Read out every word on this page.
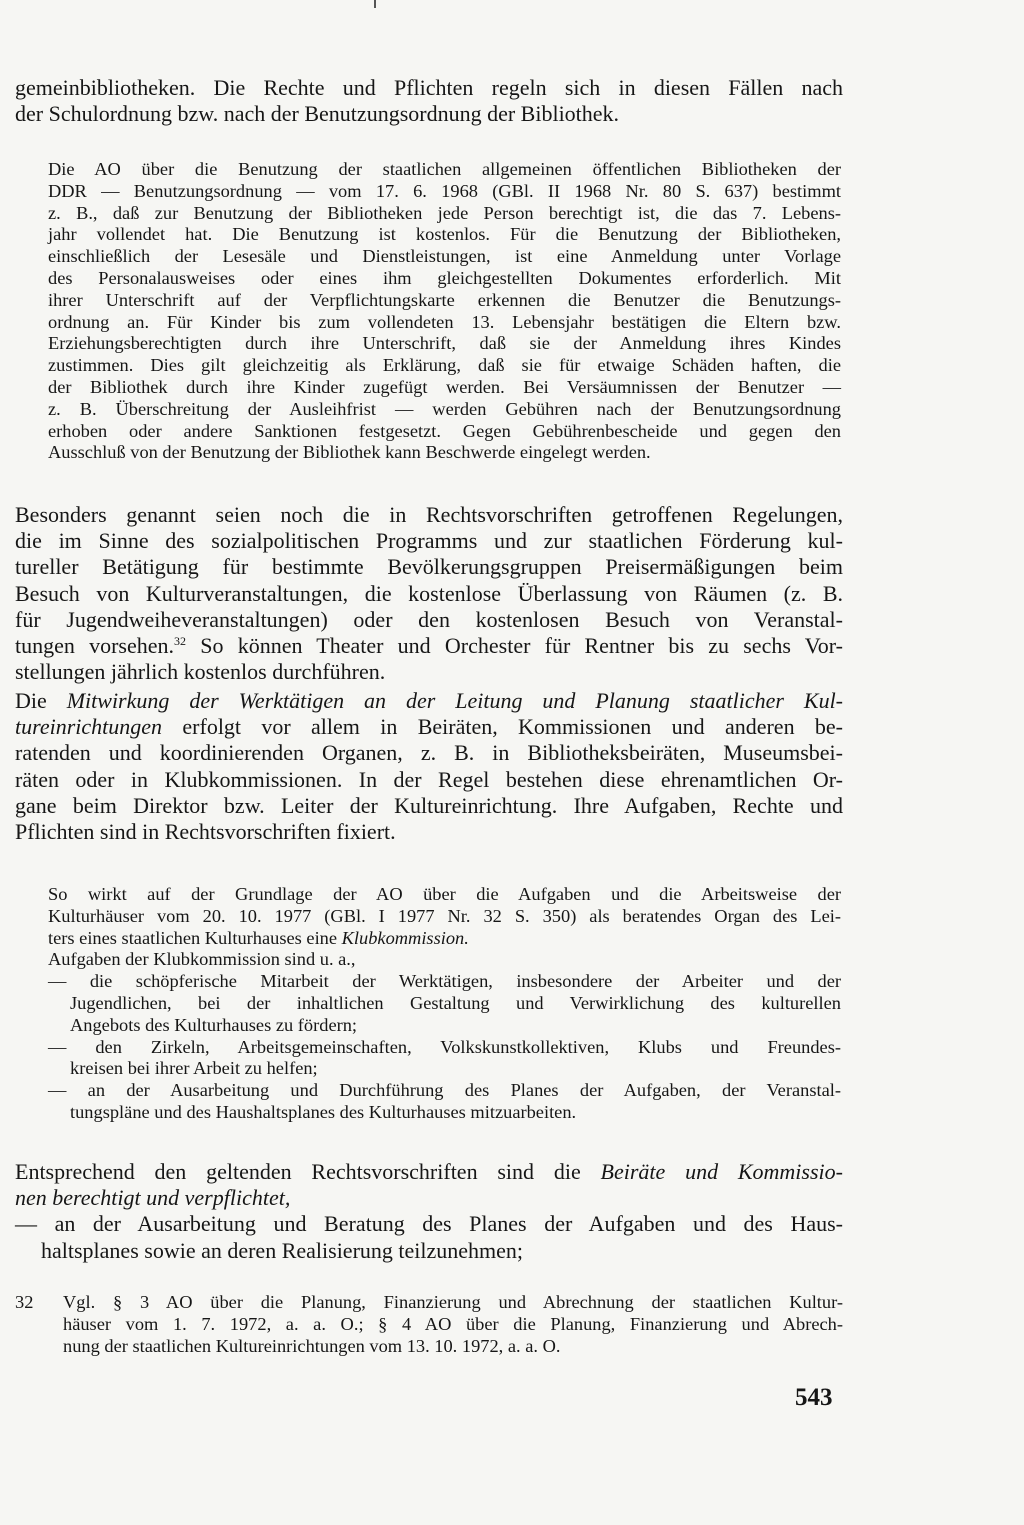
gemeinbibliotheken. Die Rechte und Pflichten regeln sich in diesen Fällen nach
der Schulordnung bzw. nach der Benutzungsordnung der Bibliothek.
Die AO über die Benutzung der staatlichen allgemeinen öffentlichen Bibliotheken der
DDR — Benutzungsordnung — vom 17. 6. 1968 (GBl. II 1968 Nr. 80 S. 637) bestimmt
z. B., daß zur Benutzung der Bibliotheken jede Person berechtigt ist, die das 7. Lebens-
jahr vollendet hat. Die Benutzung ist kostenlos. Für die Benutzung der Bibliotheken,
einschließlich der Lesesäle und Dienstleistungen, ist eine Anmeldung unter Vorlage
des Personalausweises oder eines ihm gleichgestellten Dokumentes erforderlich. Mit
ihrer Unterschrift auf der Verpflichtungskarte erkennen die Benutzer die Benutzungs-
ordnung an. Für Kinder bis zum vollendeten 13. Lebensjahr bestätigen die Eltern bzw.
Erziehungsberechtigten durch ihre Unterschrift, daß sie der Anmeldung ihres Kindes
zustimmen. Dies gilt gleichzeitig als Erklärung, daß sie für etwaige Schäden haften, die
der Bibliothek durch ihre Kinder zugefügt werden. Bei Versäumnissen der Benutzer —
z. B. Überschreitung der Ausleihfrist — werden Gebühren nach der Benutzungsordnung
erhoben oder andere Sanktionen festgesetzt. Gegen Gebührenbescheide und gegen den
Ausschluß von der Benutzung der Bibliothek kann Beschwerde eingelegt werden.
Besonders genannt seien noch die in Rechtsvorschriften getroffenen Regelungen,
die im Sinne des sozialpolitischen Programms und zur staatlichen Förderung kul-
tureller Betätigung für bestimmte Bevölkerungsgruppen Preisermäßigungen beim
Besuch von Kulturveranstaltungen, die kostenlose Überlassung von Räumen (z. B.
für Jugendweiheveranstaltungen) oder den kostenlosen Besuch von Veranstal-
tungen vorsehen.$^{32}$ So können Theater und Orchester für Rentner bis zu sechs Vor-
stellungen jährlich kostenlos durchführen.
Die Mitwirkung der Werktätigen an der Leitung und Planung staatlicher Kul-
tureinrichtungen erfolgt vor allem in Beiräten, Kommissionen und anderen be-
ratenden und koordinierenden Organen, z. B. in Bibliotheksbeiräten, Museumsbei-
räten oder in Klubkommissionen. In der Regel bestehen diese ehrenamtlichen Or-
gane beim Direktor bzw. Leiter der Kultureinrichtung. Ihre Aufgaben, Rechte und
Pflichten sind in Rechtsvorschriften fixiert.
So wirkt auf der Grundlage der AO über die Aufgaben und die Arbeitsweise der
Kulturhäuser vom 20. 10. 1977 (GBl. I 1977 Nr. 32 S. 350) als beratendes Organ des Lei-
ters eines staatlichen Kulturhauses eine Klubkommission.
Aufgaben der Klubkommission sind u. a.,
— die schöpferische Mitarbeit der Werktätigen, insbesondere der Arbeiter und der
Jugendlichen, bei der inhaltlichen Gestaltung und Verwirklichung des kulturellen
Angebots des Kulturhauses zu fördern;
— den Zirkeln, Arbeitsgemeinschaften, Volkskunstkollektiven, Klubs und Freundes-
kreisen bei ihrer Arbeit zu helfen;
— an der Ausarbeitung und Durchführung des Planes der Aufgaben, der Veranstal-
tungspläne und des Haushaltsplanes des Kulturhauses mitzuarbeiten.
Entsprechend den geltenden Rechtsvorschriften sind die Beiräte und Kommissio-
nen berechtigt und verpflichtet,
— an der Ausarbeitung und Beratung des Planes der Aufgaben und des Haus-
haltsplanes sowie an deren Realisierung teilzunehmen;
32 Vgl. § 3 AO über die Planung, Finanzierung und Abrechnung der staatlichen Kultur-
häuser vom 1. 7. 1972, a. a. O.; § 4 AO über die Planung, Finanzierung und Abrech-
nung der staatlichen Kultureinrichtungen vom 13. 10. 1972, a. a. O.
543
